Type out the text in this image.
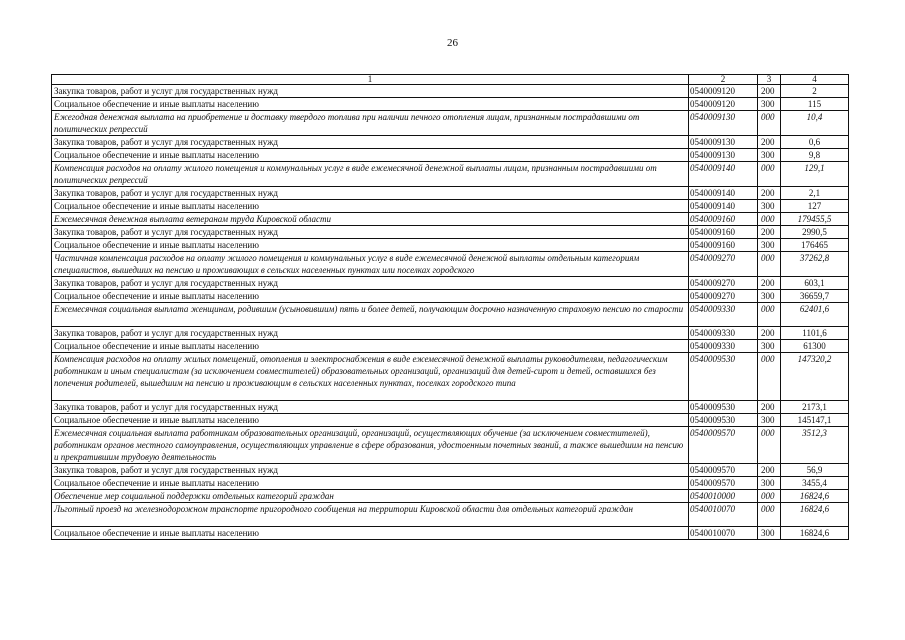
26
1	2	3	4
Закупка товаров, работ и услуг для государственных нужд	0540009120	200	2
Социальное обеспечение и иные выплаты населению	0540009120	300	115
Ежегодная денежная выплата на приобретение и доставку твердого топлива при наличии печного отопления лицам, признанным пострадавшими от политических репрессий	0540009130	000	10,4
Закупка товаров, работ и услуг для государственных нужд	0540009130	200	0,6
Социальное обеспечение и иные выплаты населению	0540009130	300	9,8
Компенсация расходов на оплату жилого помещения и коммунальных услуг в виде ежемесячной денежной выплаты лицам, признанным пострадавшими от политических репрессий	0540009140	000	129,1
Закупка товаров, работ и услуг для государственных нужд	0540009140	200	2,1
Социальное обеспечение и иные выплаты населению	0540009140	300	127
Ежемесячная денежная выплата ветеранам труда Кировской области	0540009160	000	179455,5
Закупка товаров, работ и услуг для государственных нужд	0540009160	200	2990,5
Социальное обеспечение и иные выплаты населению	0540009160	300	176465
Частичная компенсация расходов на оплату жилого помещения и коммунальных услуг в виде ежемесячной денежной выплаты отдельным категориям специалистов, вышедших на пенсию и проживающих в сельских населенных пунктах или поселках городского	0540009270	000	37262,8
Закупка товаров, работ и услуг для государственных нужд	0540009270	200	603,1
Социальное обеспечение и иные выплаты населению	0540009270	300	36659,7
Ежемесячная социальная выплата женщинам, родившим (усыновившим) пять и более детей, получающим досрочно назначенную страховую пенсию по старости	0540009330	000	62401,6
Закупка товаров, работ и услуг для государственных нужд	0540009330	200	1101,6
Социальное обеспечение и иные выплаты населению	0540009330	300	61300
Компенсация расходов на оплату жилых помещений, отопления и электроснабжения в виде ежемесячной денежной выплаты руководителям, педагогическим работникам и иным специалистам (за исключением совместителей) образовательных организаций, организаций для детей-сирот и детей, оставшихся без попечения родителей, вышедшим на пенсию и проживающим в сельских населенных пунктах, поселках городского типа	0540009530	000	147320,2
Закупка товаров, работ и услуг для государственных нужд	0540009530	200	2173,1
Социальное обеспечение и иные выплаты населению	0540009530	300	145147,1
Ежемесячная социальная выплата работникам образовательных организаций, организаций, осуществляющих обучение (за исключением совместителей), работникам органов местного самоуправления, осуществляющих управление в сфере образования, удостоенным почетных званий, а также вышедшим на пенсию и прекратившим трудовую деятельность	0540009570	000	3512,3
Закупка товаров, работ и услуг для государственных нужд	0540009570	200	56,9
Социальное обеспечение и иные выплаты населению	0540009570	300	3455,4
Обеспечение мер социальной поддержки отдельных категорий граждан	0540010000	000	16824,6
Льготный проезд на железнодорожном транспорте пригородного сообщения на территории Кировской области для отдельных категорий граждан	0540010070	000	16824,6
Социальное обеспечение и иные выплаты населению	0540010070	300	16824,6
